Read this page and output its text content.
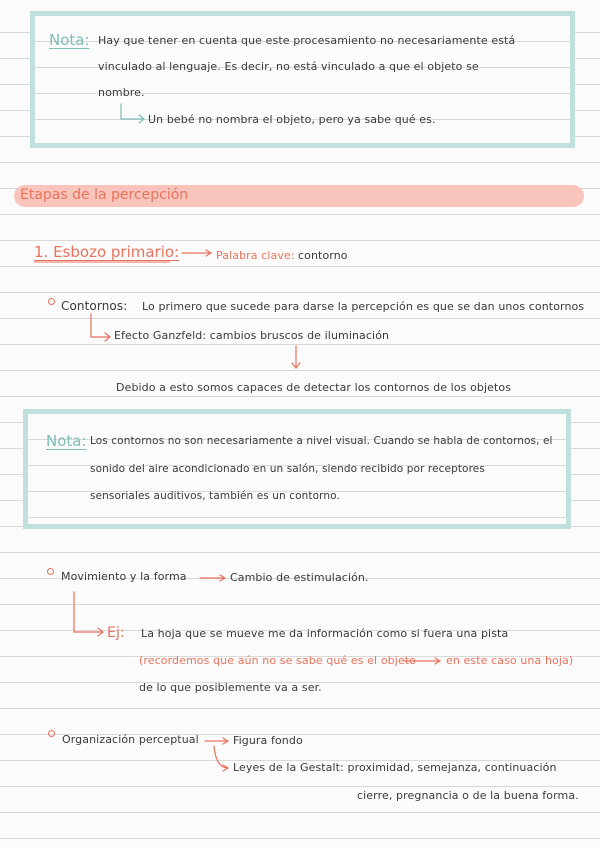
Nota: Hay que tener en cuenta que este procesamiento no necesariamente está
vinculado al lenguaje. Es decir, no está vinculado a que el objeto se
nombre.
Un bebé no nombra el objeto, pero ya sabe qué es.
Etapas de la percepción
1. Esbozo primario:	Palabra clave: contorno
Contornos: Lo primero que sucede para darse la percepción es que se dan unos contornos
Efecto Ganzfeld: cambios bruscos de iluminación
Debido a esto somos capaces de detectar los contornos de los objetos
Nota: Los contornos no son necesariamente a nivel visual. Cuando se habla de contornos, el
sonido del aire acondicionado en un salón, siendo recibido por receptores
sensoriales auditivos, también es un contorno.
Movimiento y la forma	Cambio de estimulación.
Ej: La hoja que se mueve me da información como si fuera una pista
(recordemos que aún no se sabe qué es el objeto	en este caso una hoja)
de lo que posiblemente va a ser.
Organización perceptual	Figura fondo
Leyes de la Gestalt: proximidad, semejanza, continuación
cierre, pregnancia o de la buena forma.
